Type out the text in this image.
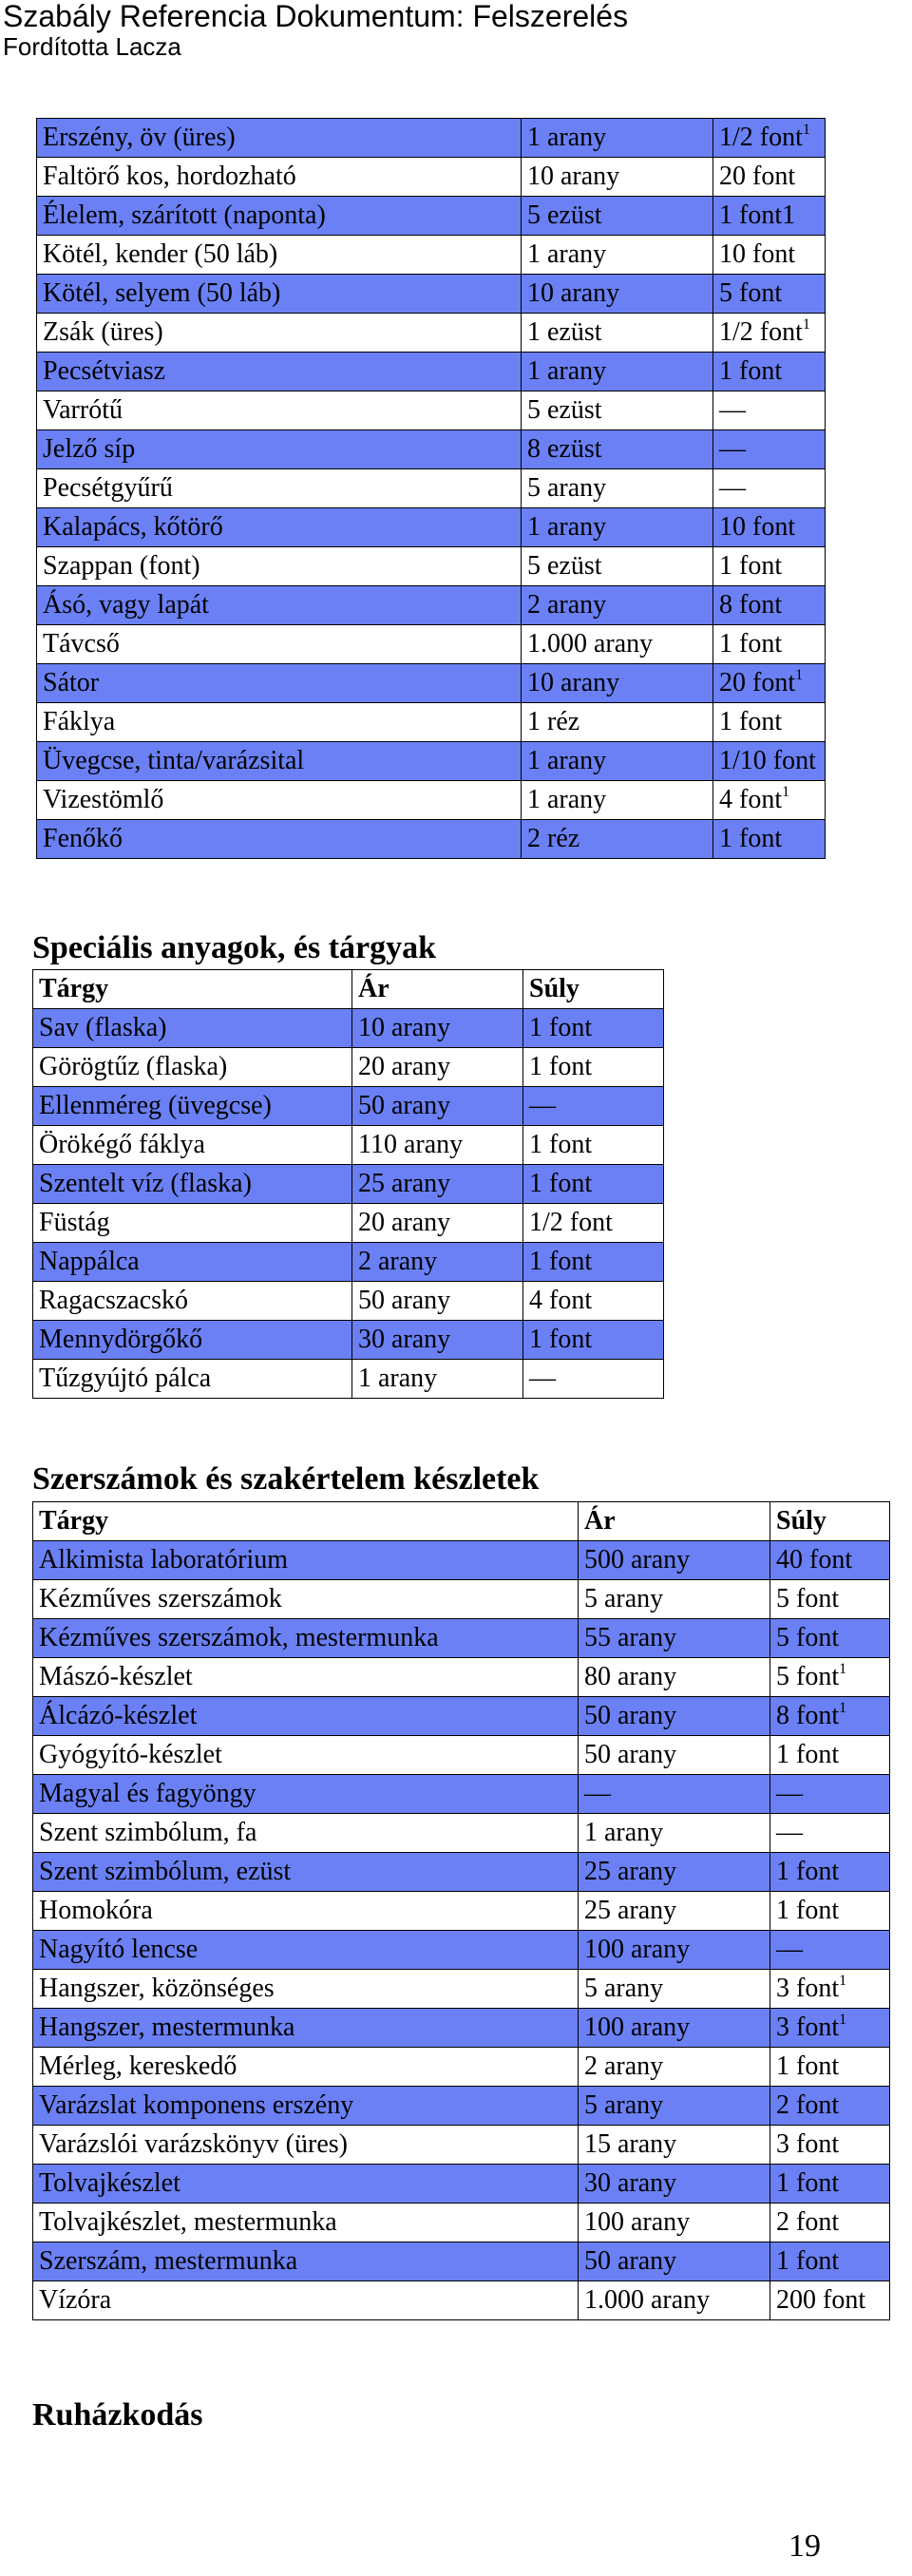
Szabály Referencia Dokumentum: Felszerelés
Fordította Lacza
Erszény, öv (üres)	1 arany	1/2 font$^1$
Faltörő kos, hordozható	10 arany	20 font
Élelem, szárított (naponta)	5 ezüst	1 font1
Kötél, kender (50 láb)	1 arany	10 font
Kötél, selyem (50 láb)	10 arany	5 font
Zsák (üres)	1 ezüst	1/2 font$^1$
Pecsétviasz	1 arany	1 font
Varrótű	5 ezüst	—
Jelző síp	8 ezüst	—
Pecsétgyűrű	5 arany	—
Kalapács, kőtörő	1 arany	10 font
Szappan (font)	5 ezüst	1 font
Ásó, vagy lapát	2 arany	8 font
Távcső	1.000 arany	1 font
Sátor	10 arany	20 font$^1$
Fáklya	1 réz	1 font
Üvegcse, tinta/varázsital	1 arany	1/10 font
Vizestömlő	1 arany	4 font$^1$
Fenőkő	2 réz	1 font
Speciális anyagok, és tárgyak
Tárgy	Ár	Súly
Sav (flaska)	10 arany	1 font
Görögtűz (flaska)	20 arany	1 font
Ellenméreg (üvegcse)	50 arany	—
Örökégő fáklya	110 arany	1 font
Szentelt víz (flaska)	25 arany	1 font
Füstág	20 arany	1/2 font
Nappálca	2 arany	1 font
Ragacszacskó	50 arany	4 font
Mennydörgőkő	30 arany	1 font
Tűzgyújtó pálca	1 arany	—
Szerszámok és szakértelem készletek
Tárgy	Ár	Súly
Alkimista laboratórium	500 arany	40 font
Kézműves szerszámok	5 arany	5 font
Kézműves szerszámok, mestermunka	55 arany	5 font
Mászó-készlet	80 arany	5 font$^1$
Álcázó-készlet	50 arany	8 font$^1$
Gyógyító-készlet	50 arany	1 font
Magyal és fagyöngy	—	—
Szent szimbólum, fa	1 arany	—
Szent szimbólum, ezüst	25 arany	1 font
Homokóra	25 arany	1 font
Nagyító lencse	100 arany	—
Hangszer, közönséges	5 arany	3 font$^1$
Hangszer, mestermunka	100 arany	3 font$^1$
Mérleg, kereskedő	2 arany	1 font
Varázslat komponens erszény	5 arany	2 font
Varázslói varázskönyv (üres)	15 arany	3 font
Tolvajkészlet	30 arany	1 font
Tolvajkészlet, mestermunka	100 arany	2 font
Szerszám, mestermunka	50 arany	1 font
Vízóra	1.000 arany	200 font
Ruházkodás
19
